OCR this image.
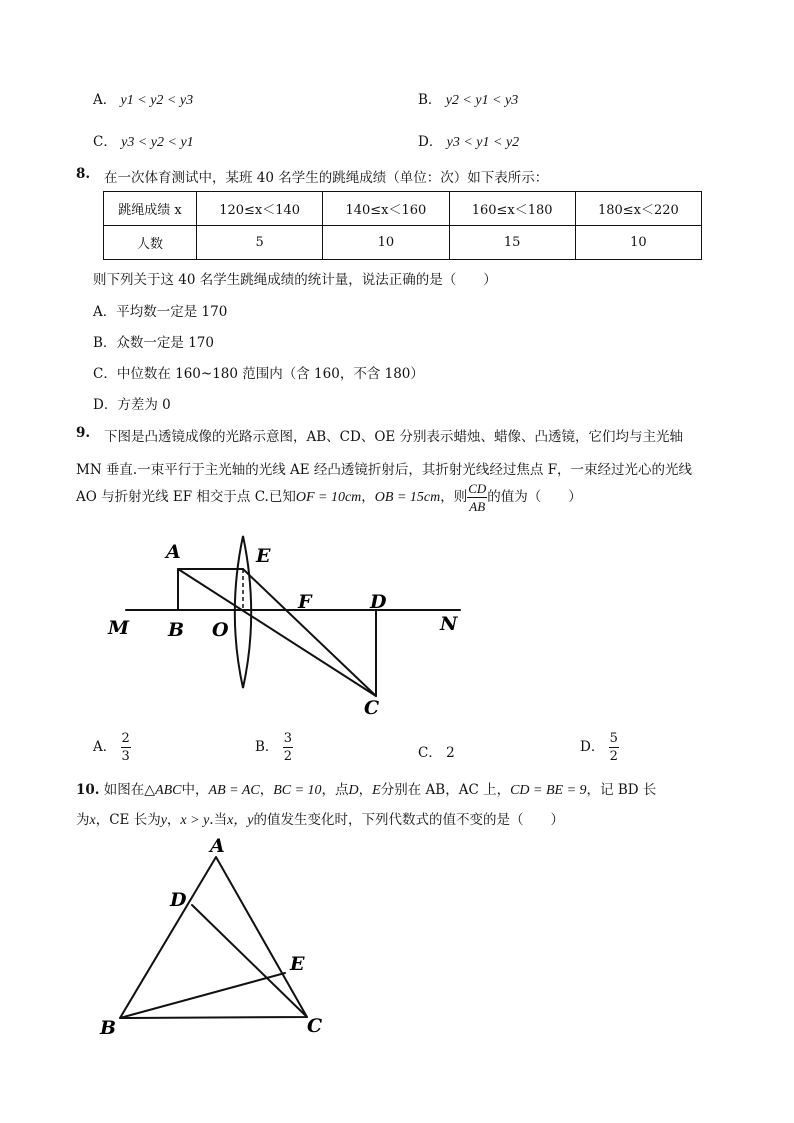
A． y1 < y2 < y3	B． y2 < y1 < y3
C． y3 < y2 < y1	D． y3 < y1 < y2
8. 在一次体育测试中，某班 40 名学生的跳绳成绩（单位：次）如下表所示：
跳绳成绩 x	120≤x＜140	140≤x＜160	160≤x＜180	180≤x＜220
人数	5	10	15	10
则下列关于这 40 名学生跳绳成绩的统计量，说法正确的是（　　）
A．平均数一定是 170
B．众数一定是 170
C．中位数在 160~180 范围内（含 160，不含 180）
D．方差为 0
9. 下图是凸透镜成像的光路示意图，AB、CD、OE 分别表示蜡烛、蜡像、凸透镜，它们均与主光轴
MN 垂直.一束平行于主光轴的光线 AE 经凸透镜折射后，其折射光线经过焦点 F，一束经过光心的光线
AO 与折射光线 EF 相交于点 C.已知OF = 10cm，OB = 15cm，则 $\frac{CD}{AB}$ 的值为（　　）
A	E
F	D
M B O	N
C
A． $\frac{2}{3}$	B． $\frac{3}{2}$	C． 2	D． $\frac{5}{2}$
10. 如图在△ABC中，AB = AC，BC = 10，点D，E分别在 AB，AC 上，CD = BE = 9，记 BD 长
为x，CE 长为y，x > y.当x，y的值发生变化时，下列代数式的值不变的是（　　）
A
D
E
B	C
